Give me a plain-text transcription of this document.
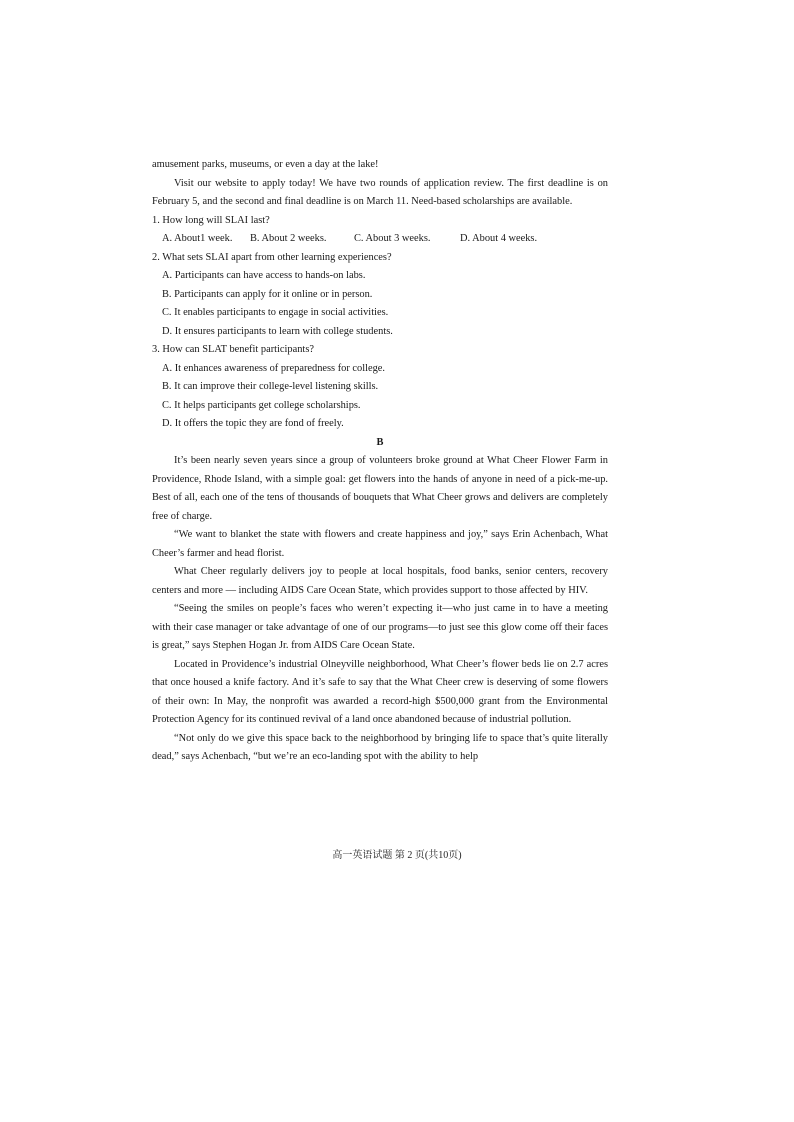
amusement parks, museums, or even a day at the lake!

Visit our website to apply today! We have two rounds of application review. The first deadline is on February 5, and the second and final deadline is on March 11. Need-based scholarships are available.

1. How long will SLAI last?

A. About1 week.	B. About 2 weeks.	C. About 3 weeks.	D. About 4 weeks.

2. What sets SLAI apart from other learning experiences?

A. Participants can have access to hands-on labs.

B. Participants can apply for it online or in person.

C. It enables participants to engage in social activities.

D. It ensures participants to learn with college students.

3. How can SLAT benefit participants?

A. It enhances awareness of preparedness for college.

B. It can improve their college-level listening skills.

C. It helps participants get college scholarships.

D. It offers the topic they are fond of freely.

B

It’s been nearly seven years since a group of volunteers broke ground at What Cheer Flower Farm in Providence, Rhode Island, with a simple goal: get flowers into the hands of anyone in need of a pick-me-up. Best of all, each one of the tens of thousands of bouquets that What Cheer grows and delivers are completely free of charge.

“We want to blanket the state with flowers and create happiness and joy,” says Erin Achenbach, What Cheer’s farmer and head florist.

What Cheer regularly delivers joy to people at local hospitals, food banks, senior centers, recovery centers and more — including AIDS Care Ocean State, which provides support to those affected by HIV.

“Seeing the smiles on people’s faces who weren’t expecting it—who just came in to have a meeting with their case manager or take advantage of one of our programs—to just see this glow come off their faces is great,” says Stephen Hogan Jr. from AIDS Care Ocean State.

Located in Providence’s industrial Olneyville neighborhood, What Cheer’s flower beds lie on 2.7 acres that once housed a knife factory. And it’s safe to say that the What Cheer crew is deserving of some flowers of their own: In May, the nonprofit was awarded a record-high $500,000 grant from the Environmental Protection Agency for its continued revival of a land once abandoned because of industrial pollution.

“Not only do we give this space back to the neighborhood by bringing life to space that’s quite literally dead,” says Achenbach, “but we’re an eco-landing spot with the ability to help

高一英语试题 第 2 页(共10页)
